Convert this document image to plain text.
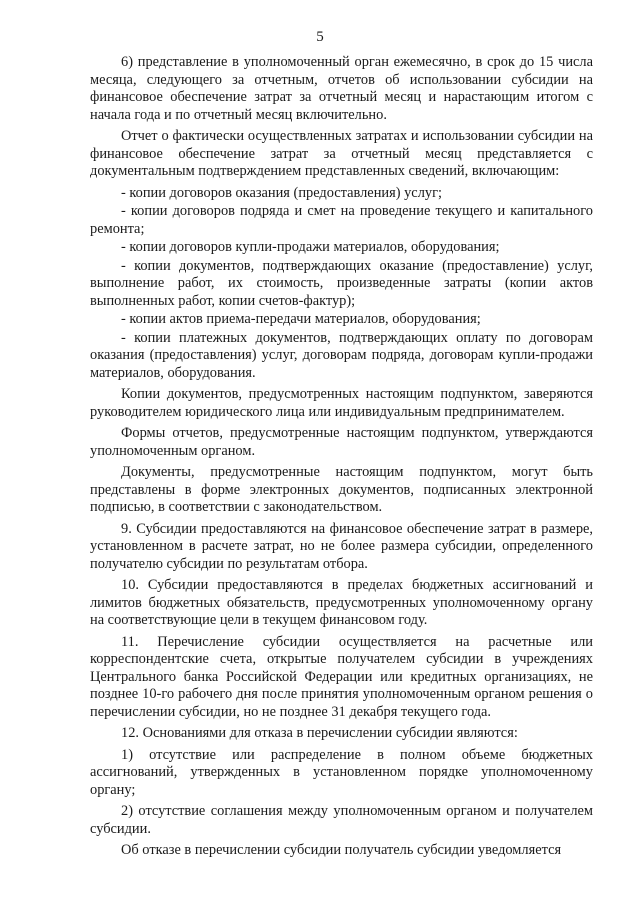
5

6) представление в уполномоченный орган ежемесячно, в срок до 15 числа месяца, следующего за отчетным, отчетов об использовании субсидии на финансовое обеспечение затрат за отчетный месяц и нарастающим итогом с начала года и по отчетный месяц включительно.

Отчет о фактически осуществленных затратах и использовании субсидии на финансовое обеспечение затрат за отчетный месяц представляется с документальным подтверждением представленных сведений, включающим:

- копии договоров оказания (предоставления) услуг;

- копии договоров подряда и смет на проведение текущего и капитального ремонта;

- копии договоров купли-продажи материалов, оборудования;

- копии документов, подтверждающих оказание (предоставление) услуг, выполнение работ, их стоимость, произведенные затраты (копии актов выполненных работ, копии счетов-фактур);

- копии актов приема-передачи материалов, оборудования;

- копии платежных документов, подтверждающих оплату по договорам оказания (предоставления) услуг, договорам подряда, договорам купли-продажи материалов, оборудования.

Копии документов, предусмотренных настоящим подпунктом, заверяются руководителем юридического лица или индивидуальным предпринимателем.

Формы отчетов, предусмотренные настоящим подпунктом, утверждаются уполномоченным органом.

Документы, предусмотренные настоящим подпунктом, могут быть представлены в форме электронных документов, подписанных электронной подписью, в соответствии с законодательством.

9. Субсидии предоставляются на финансовое обеспечение затрат в размере, установленном в расчете затрат, но не более размера субсидии, определенного получателю субсидии по результатам отбора.

10. Субсидии предоставляются в пределах бюджетных ассигнований и лимитов бюджетных обязательств, предусмотренных уполномоченному органу на соответствующие цели в текущем финансовом году.

11. Перечисление субсидии осуществляется на расчетные или корреспондентские счета, открытые получателем субсидии в учреждениях Центрального банка Российской Федерации или кредитных организациях, не позднее 10-го рабочего дня после принятия уполномоченным органом решения о перечислении субсидии, но не позднее 31 декабря текущего года.

12. Основаниями для отказа в перечислении субсидии являются:

1) отсутствие или распределение в полном объеме бюджетных ассигнований, утвержденных в установленном порядке уполномоченному органу;

2) отсутствие соглашения между уполномоченным органом и получателем субсидии.

Об отказе в перечислении субсидии получатель субсидии уведомляется
